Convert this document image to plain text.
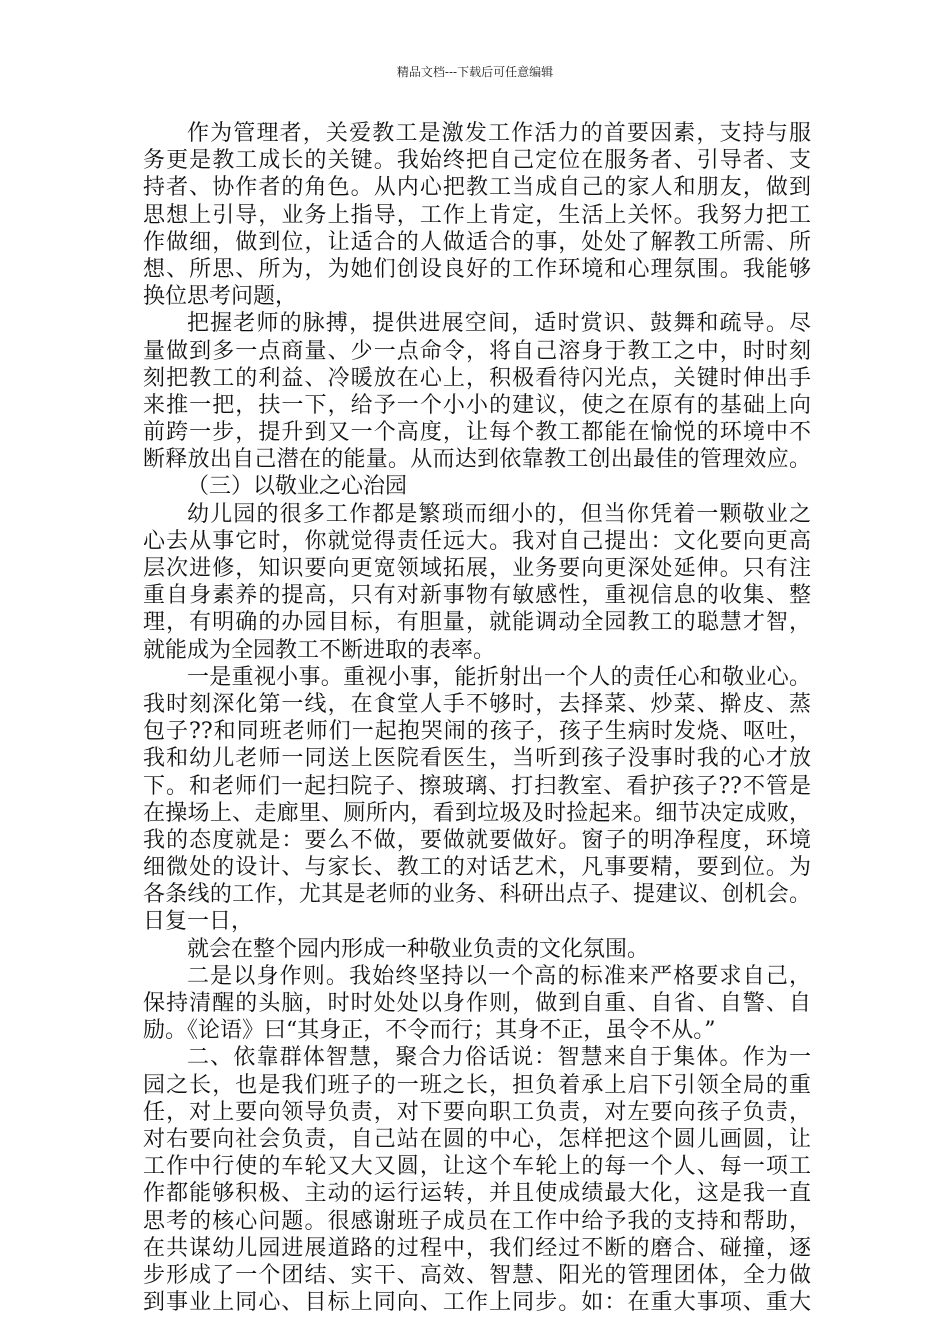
精品文档---下载后可任意编辑
作为管理者，关爱教工是激发工作活力的首要因素，支持与服
务更是教工成长的关键。我始终把自己定位在服务者、引导者、支
持者、协作者的角色。从内心把教工当成自己的家人和朋友，做到
思想上引导，业务上指导，工作上肯定，生活上关怀。我努力把工
作做细，做到位，让适合的人做适合的事，处处了解教工所需、所
想、所思、所为，为她们创设良好的工作环境和心理氛围。我能够
换位思考问题，
把握老师的脉搏，提供进展空间，适时赏识、鼓舞和疏导。尽
量做到多一点商量、少一点命令，将自己溶身于教工之中，时时刻
刻把教工的利益、冷暖放在心上，积极看待闪光点，关键时伸出手
来推一把，扶一下，给予一个小小的建议，使之在原有的基础上向
前跨一步，提升到又一个高度，让每个教工都能在愉悦的环境中不
断释放出自己潜在的能量。从而达到依靠教工创出最佳的管理效应。
（三）以敬业之心治园
幼儿园的很多工作都是繁琐而细小的，但当你凭着一颗敬业之
心去从事它时，你就觉得责任远大。我对自己提出：文化要向更高
层次进修，知识要向更宽领域拓展，业务要向更深处延伸。只有注
重自身素养的提高，只有对新事物有敏感性，重视信息的收集、整
理，有明确的办园目标，有胆量，就能调动全园教工的聪慧才智，
就能成为全园教工不断进取的表率。
一是重视小事。重视小事，能折射出一个人的责任心和敬业心。
我时刻深化第一线，在食堂人手不够时，去择菜、炒菜、擀皮、蒸
包子??和同班老师们一起抱哭闹的孩子，孩子生病时发烧、呕吐，
我和幼儿老师一同送上医院看医生，当听到孩子没事时我的心才放
下。和老师们一起扫院子、擦玻璃、打扫教室、看护孩子??不管是
在操场上、走廊里、厕所内，看到垃圾及时捡起来。细节决定成败，
我的态度就是：要么不做，要做就要做好。窗子的明净程度，环境
细微处的设计、与家长、教工的对话艺术，凡事要精，要到位。为
各条线的工作，尤其是老师的业务、科研出点子、提建议、创机会。
日复一日，
就会在整个园内形成一种敬业负责的文化氛围。
二是以身作则。我始终坚持以一个高的标准来严格要求自己，
保持清醒的头脑，时时处处以身作则，做到自重、自省、自警、自
励。《论语》曰“其身正，不令而行；其身不正，虽令不从。”
二、依靠群体智慧，聚合力俗话说：智慧来自于集体。作为一
园之长，也是我们班子的一班之长，担负着承上启下引领全局的重
任，对上要向领导负责，对下要向职工负责，对左要向孩子负责，
对右要向社会负责，自己站在圆的中心，怎样把这个圆儿画圆，让
工作中行使的车轮又大又圆，让这个车轮上的每一个人、每一项工
作都能够积极、主动的运行运转，并且使成绩最大化，这是我一直
思考的核心问题。很感谢班子成员在工作中给予我的支持和帮助，
在共谋幼儿园进展道路的过程中，我们经过不断的磨合、碰撞，逐
步形成了一个团结、实干、高效、智慧、阳光的管理团体，全力做
到事业上同心、目标上同向、工作上同步。如：在重大事项、重大
